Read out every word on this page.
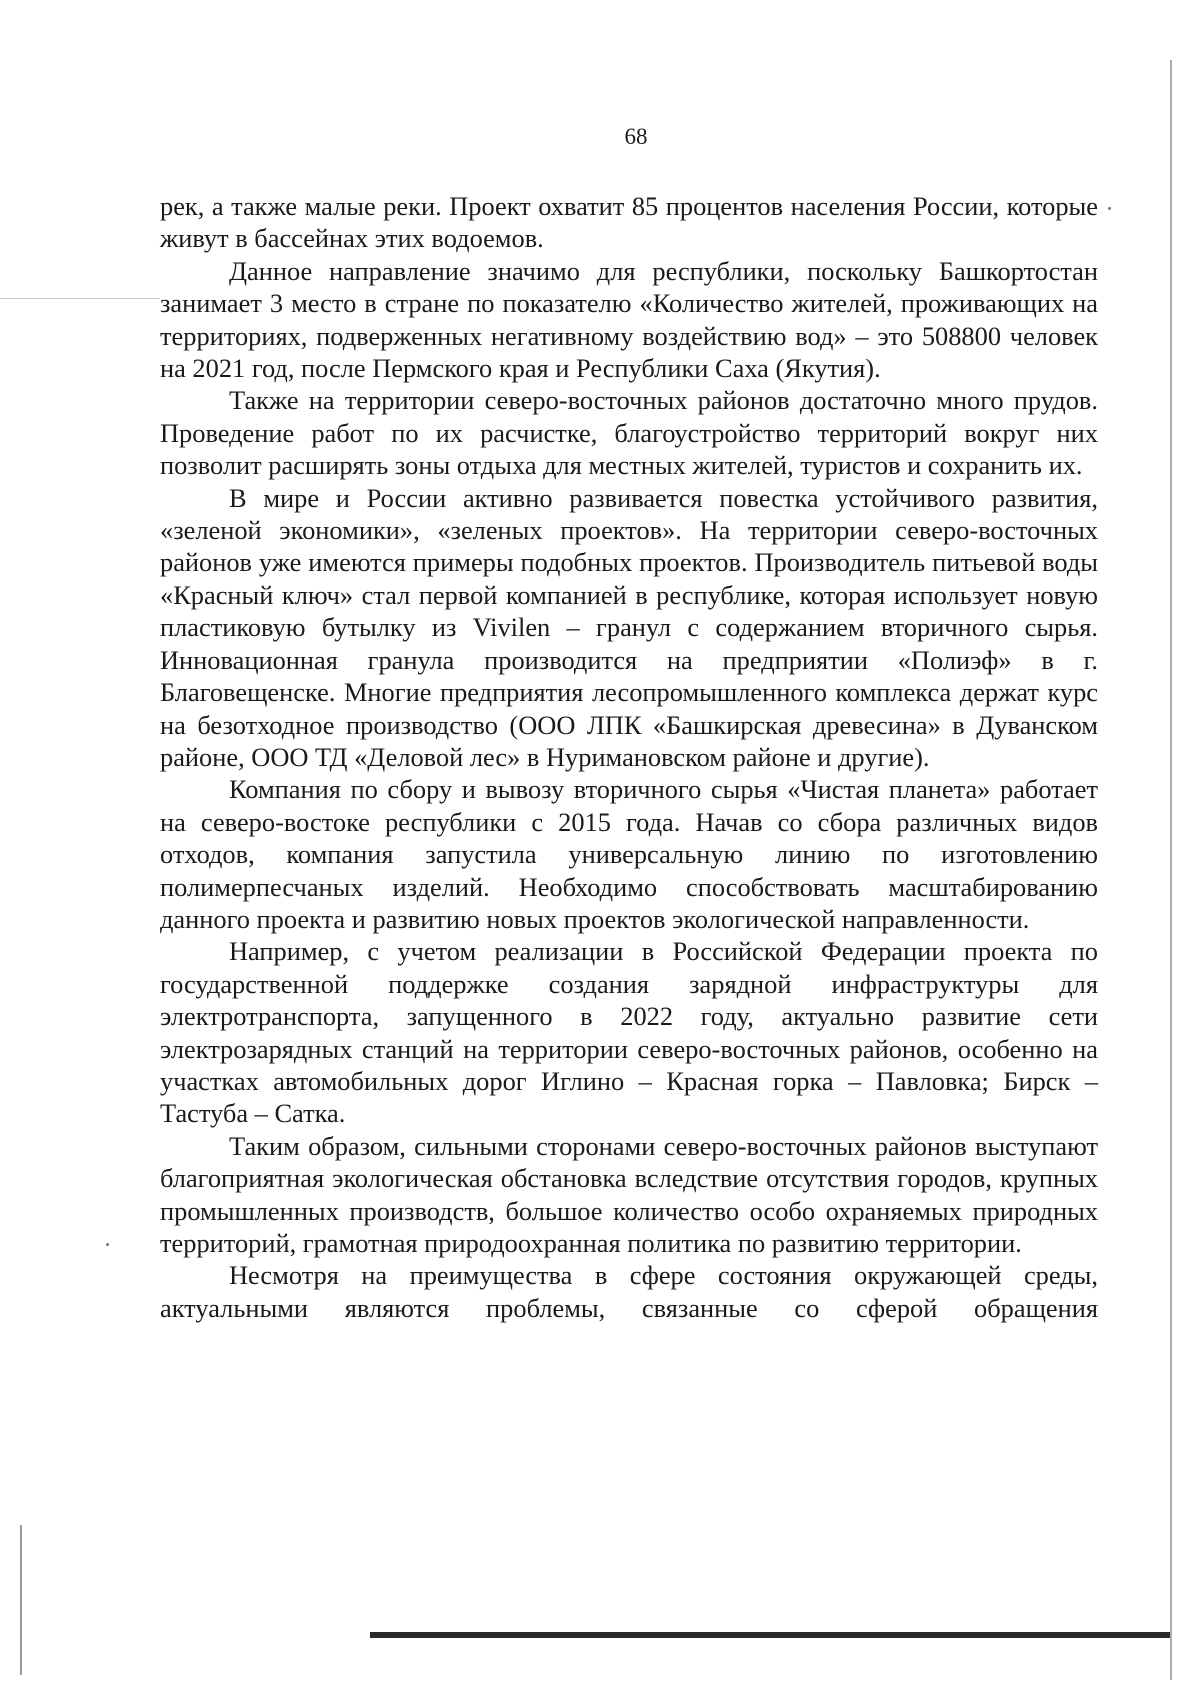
68

рек, а также малые реки. Проект охватит 85 процентов населения России, которые живут в бассейнах этих водоемов.

Данное направление значимо для республики, поскольку Башкортостан занимает 3 место в стране по показателю «Количество жителей, проживающих на территориях, подверженных негативному воздействию вод» – это 508800 человек на 2021 год, после Пермского края и Республики Саха (Якутия).

Также на территории северо-восточных районов достаточно много прудов. Проведение работ по их расчистке, благоустройство территорий вокруг них позволит расширять зоны отдыха для местных жителей, туристов и сохранить их.

В мире и России активно развивается повестка устойчивого развития, «зеленой экономики», «зеленых проектов». На территории северо-восточных районов уже имеются примеры подобных проектов. Производитель питьевой воды «Красный ключ» стал первой компанией в республике, которая использует новую пластиковую бутылку из Vivilen – гранул с содержанием вторичного сырья. Инновационная гранула производится на предприятии «Полиэф» в г. Благовещенске. Многие предприятия лесопромышленного комплекса держат курс на безотходное производство (ООО ЛПК «Башкирская древесина» в Дуванском районе, ООО ТД «Деловой лес» в Нуримановском районе и другие).

Компания по сбору и вывозу вторичного сырья «Чистая планета» работает на северо-востоке республики с 2015 года. Начав со сбора различных видов отходов, компания запустила универсальную линию по изготовлению полимерпесчаных изделий. Необходимо способствовать масштабированию данного проекта и развитию новых проектов экологической направленности.

Например, с учетом реализации в Российской Федерации проекта по государственной поддержке создания зарядной инфраструктуры для электротранспорта, запущенного в 2022 году, актуально развитие сети электрозарядных станций на территории северо-восточных районов, особенно на участках автомобильных дорог Иглино – Красная горка – Павловка; Бирск – Тастуба – Сатка.

Таким образом, сильными сторонами северо-восточных районов выступают благоприятная экологическая обстановка вследствие отсутствия городов, крупных промышленных производств, большое количество особо охраняемых природных территорий, грамотная природоохранная политика по развитию территории.

Несмотря на преимущества в сфере состояния окружающей среды, актуальными являются проблемы, связанные со сферой обращения
